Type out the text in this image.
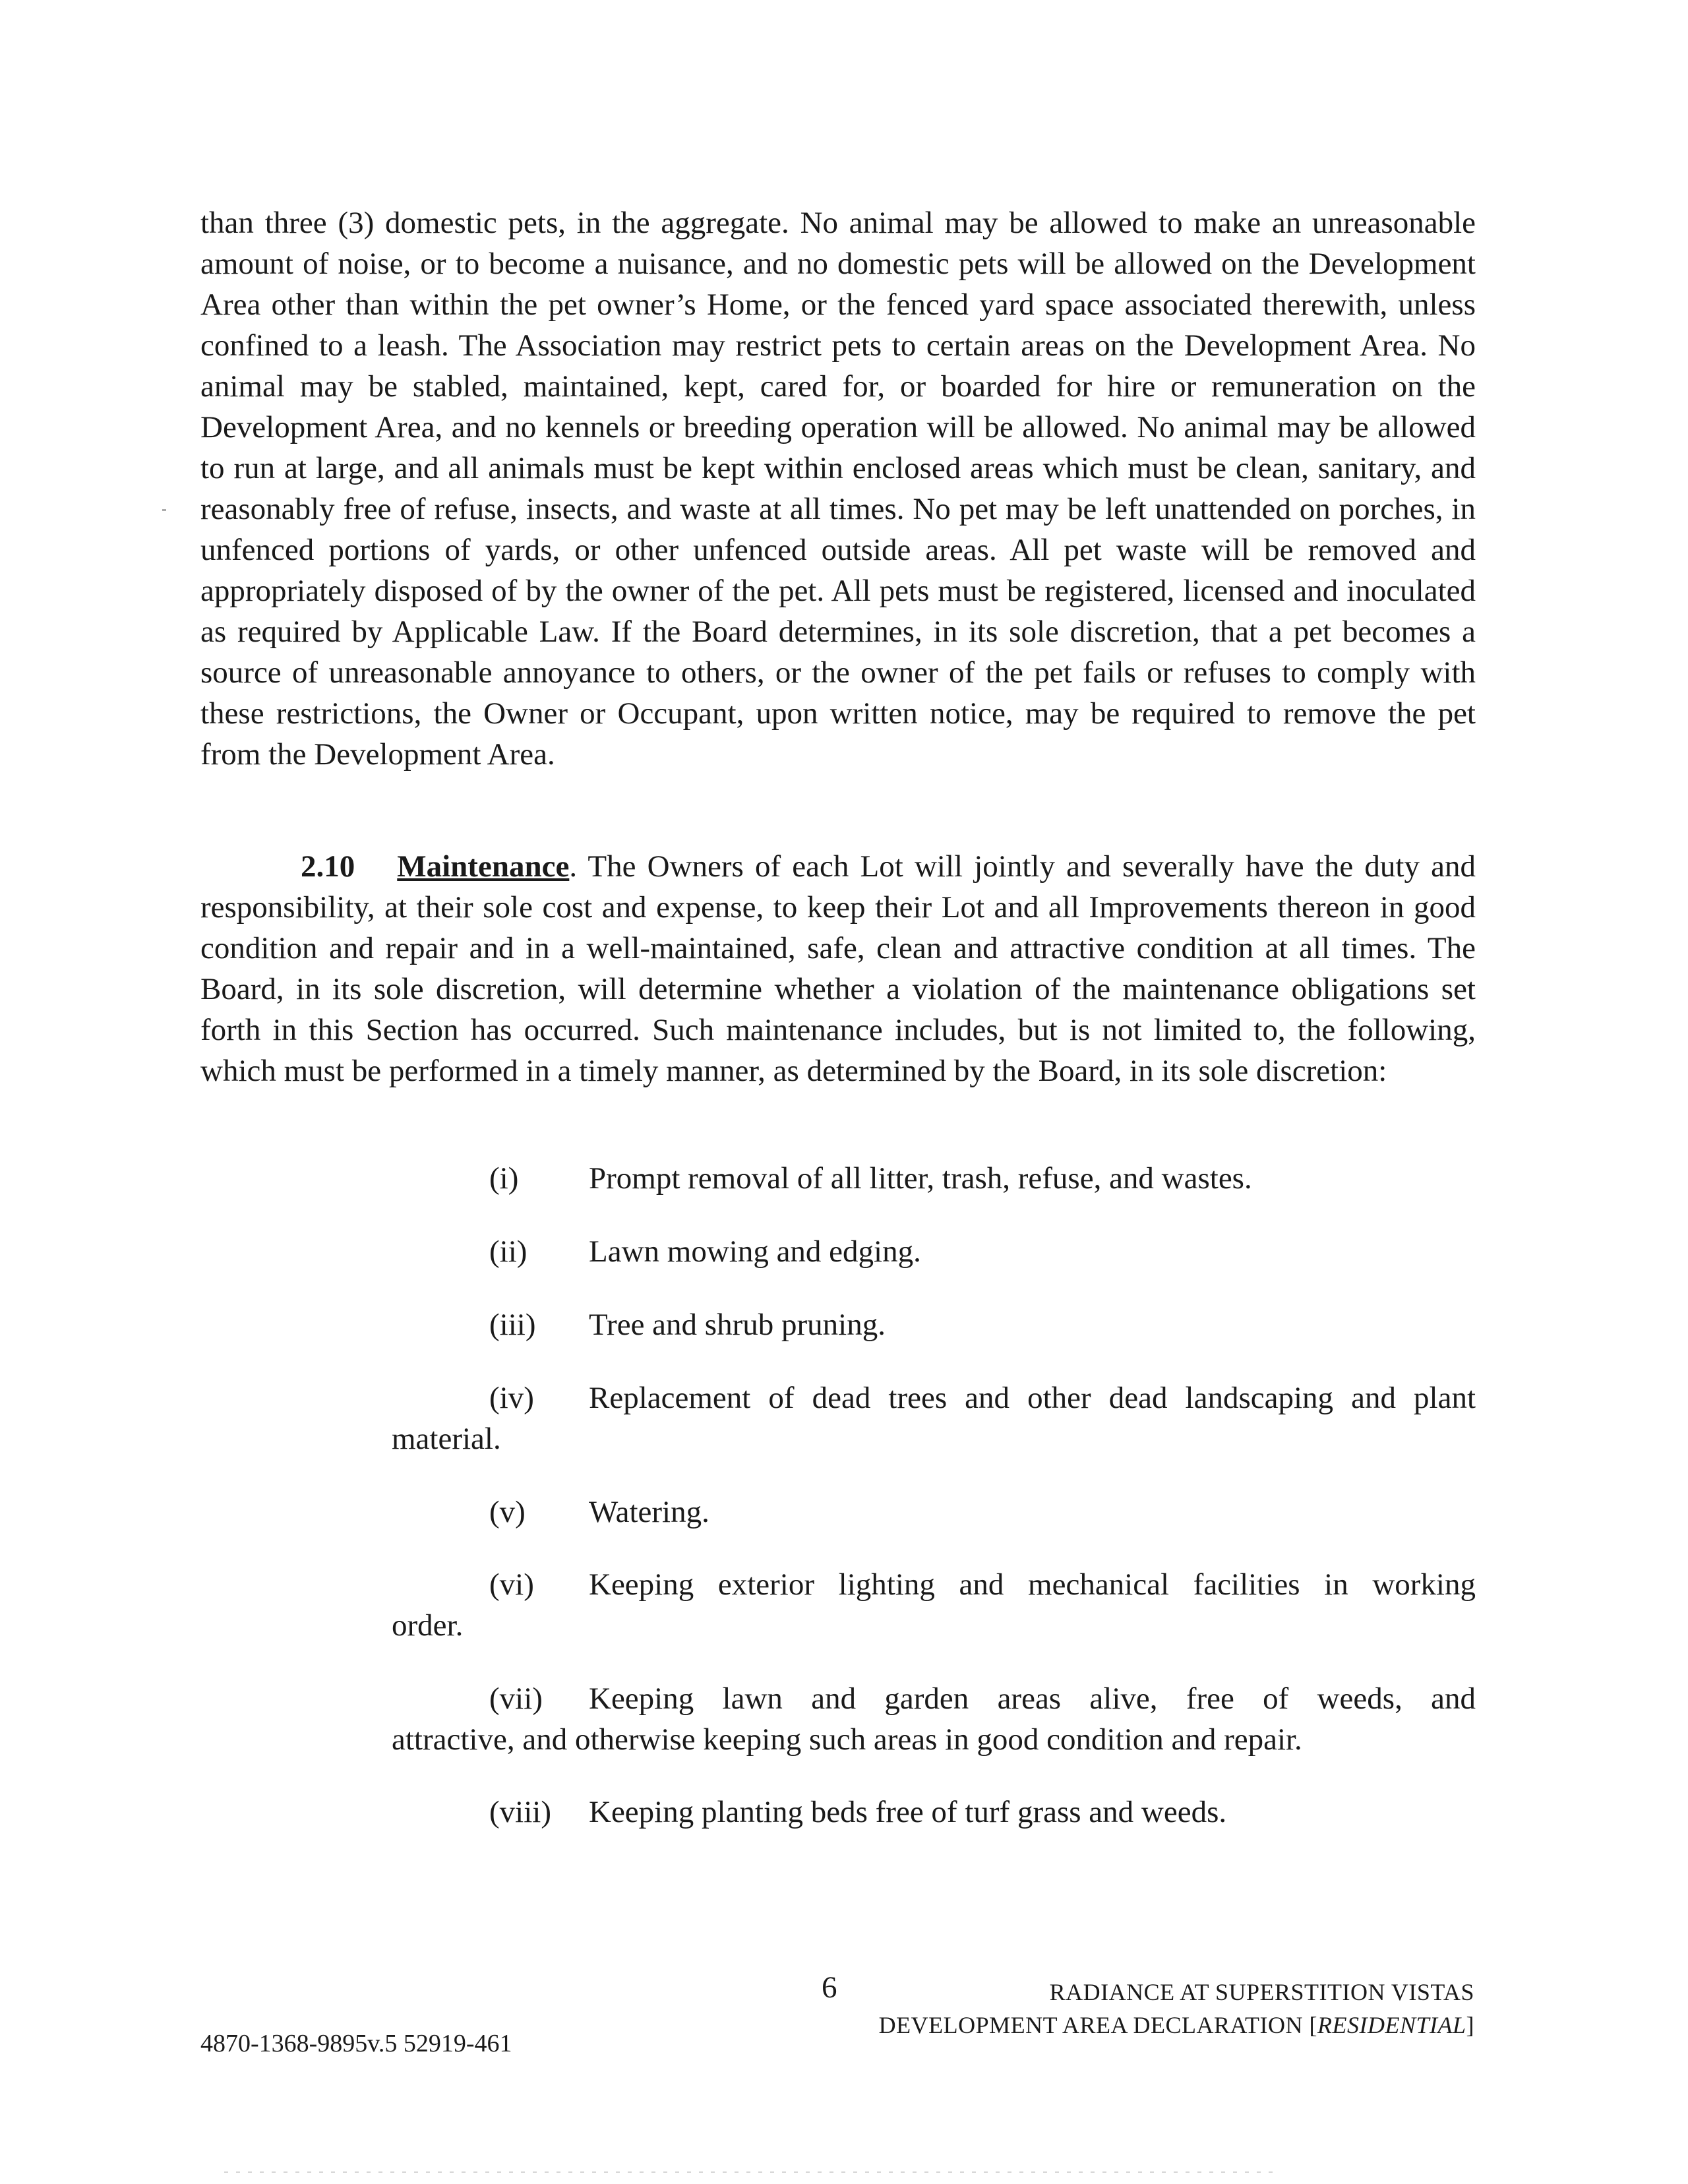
than three (3) domestic pets, in the aggregate. No animal may be allowed to make an unreasonable amount of noise, or to become a nuisance, and no domestic pets will be allowed on the Development Area other than within the pet owner’s Home, or the fenced yard space associated therewith, unless confined to a leash. The Association may restrict pets to certain areas on the Development Area. No animal may be stabled, maintained, kept, cared for, or boarded for hire or remuneration on the Development Area, and no kennels or breeding operation will be allowed. No animal may be allowed to run at large, and all animals must be kept within enclosed areas which must be clean, sanitary, and reasonably free of refuse, insects, and waste at all times. No pet may be left unattended on porches, in unfenced portions of yards, or other unfenced outside areas. All pet waste will be removed and appropriately disposed of by the owner of the pet. All pets must be registered, licensed and inoculated as required by Applicable Law. If the Board determines, in its sole discretion, that a pet becomes a source of unreasonable annoyance to others, or the owner of the pet fails or refuses to comply with these restrictions, the Owner or Occupant, upon written notice, may be required to remove the pet from the Development Area.

2.10 Maintenance. The Owners of each Lot will jointly and severally have the duty and responsibility, at their sole cost and expense, to keep their Lot and all Improvements thereon in good condition and repair and in a well-maintained, safe, clean and attractive condition at all times. The Board, in its sole discretion, will determine whether a violation of the maintenance obligations set forth in this Section has occurred. Such maintenance includes, but is not limited to, the following, which must be performed in a timely manner, as determined by the Board, in its sole discretion:

(i) Prompt removal of all litter, trash, refuse, and wastes.
(ii) Lawn mowing and edging.
(iii) Tree and shrub pruning.
(iv) Replacement of dead trees and other dead landscaping and plant
material.
(v) Watering.
(vi) Keeping exterior lighting and mechanical facilities in working
order.
(vii) Keeping lawn and garden areas alive, free of weeds, and
attractive, and otherwise keeping such areas in good condition and repair.
(viii) Keeping planting beds free of turf grass and weeds.
6	RADIANCE AT SUPERSTITION VISTAS
DEVELOPMENT AREA DECLARATION [RESIDENTIAL]
4870-1368-9895v.5 52919-461
